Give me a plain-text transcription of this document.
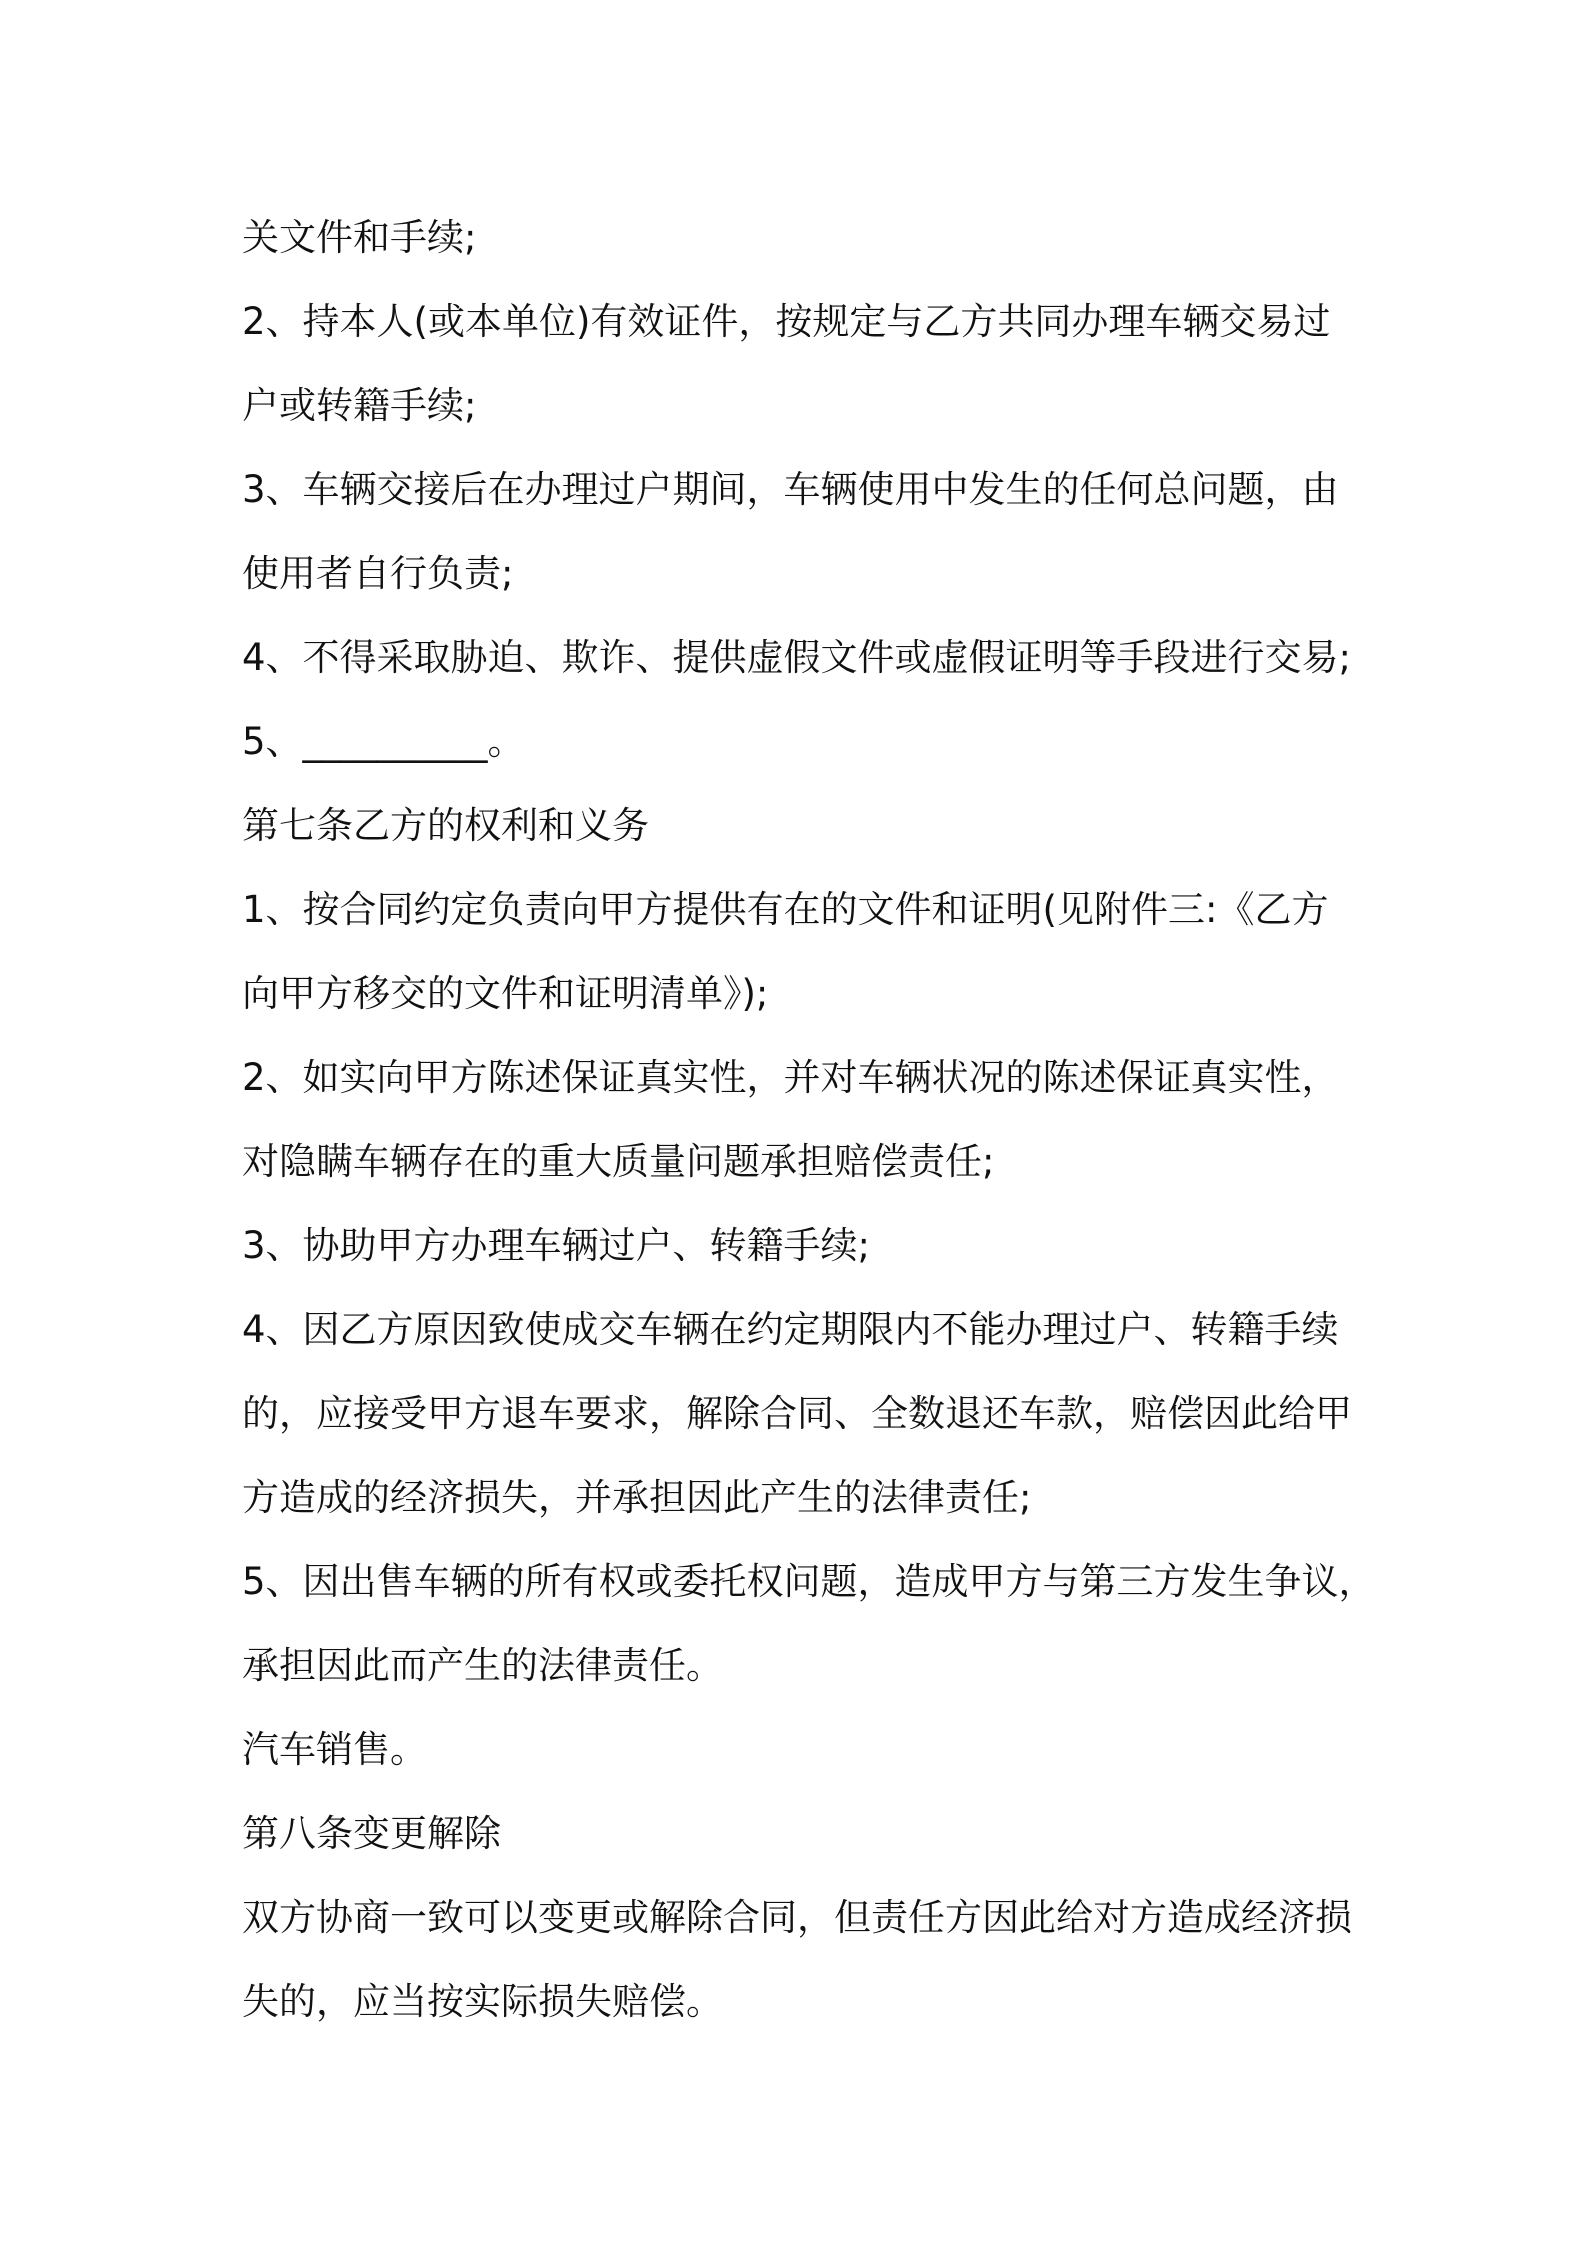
关文件和手续;
2、持本人(或本单位)有效证件，按规定与乙方共同办理车辆交易过
户或转籍手续;
3、车辆交接后在办理过户期间，车辆使用中发生的任何总问题，由
使用者自行负责;
4、不得采取胁迫、欺诈、提供虚假文件或虚假证明等手段进行交易;
5、__________。
第七条乙方的权利和义务
1、按合同约定负责向甲方提供有在的文件和证明(见附件三:《乙方
向甲方移交的文件和证明清单》);
2、如实向甲方陈述保证真实性，并对车辆状况的陈述保证真实性，
对隐瞒车辆存在的重大质量问题承担赔偿责任;
3、协助甲方办理车辆过户、转籍手续;
4、因乙方原因致使成交车辆在约定期限内不能办理过户、转籍手续
的，应接受甲方退车要求，解除合同、全数退还车款，赔偿因此给甲
方造成的经济损失，并承担因此产生的法律责任;
5、因出售车辆的所有权或委托权问题，造成甲方与第三方发生争议，
承担因此而产生的法律责任。
汽车销售。
第八条变更解除
双方协商一致可以变更或解除合同，但责任方因此给对方造成经济损
失的，应当按实际损失赔偿。
